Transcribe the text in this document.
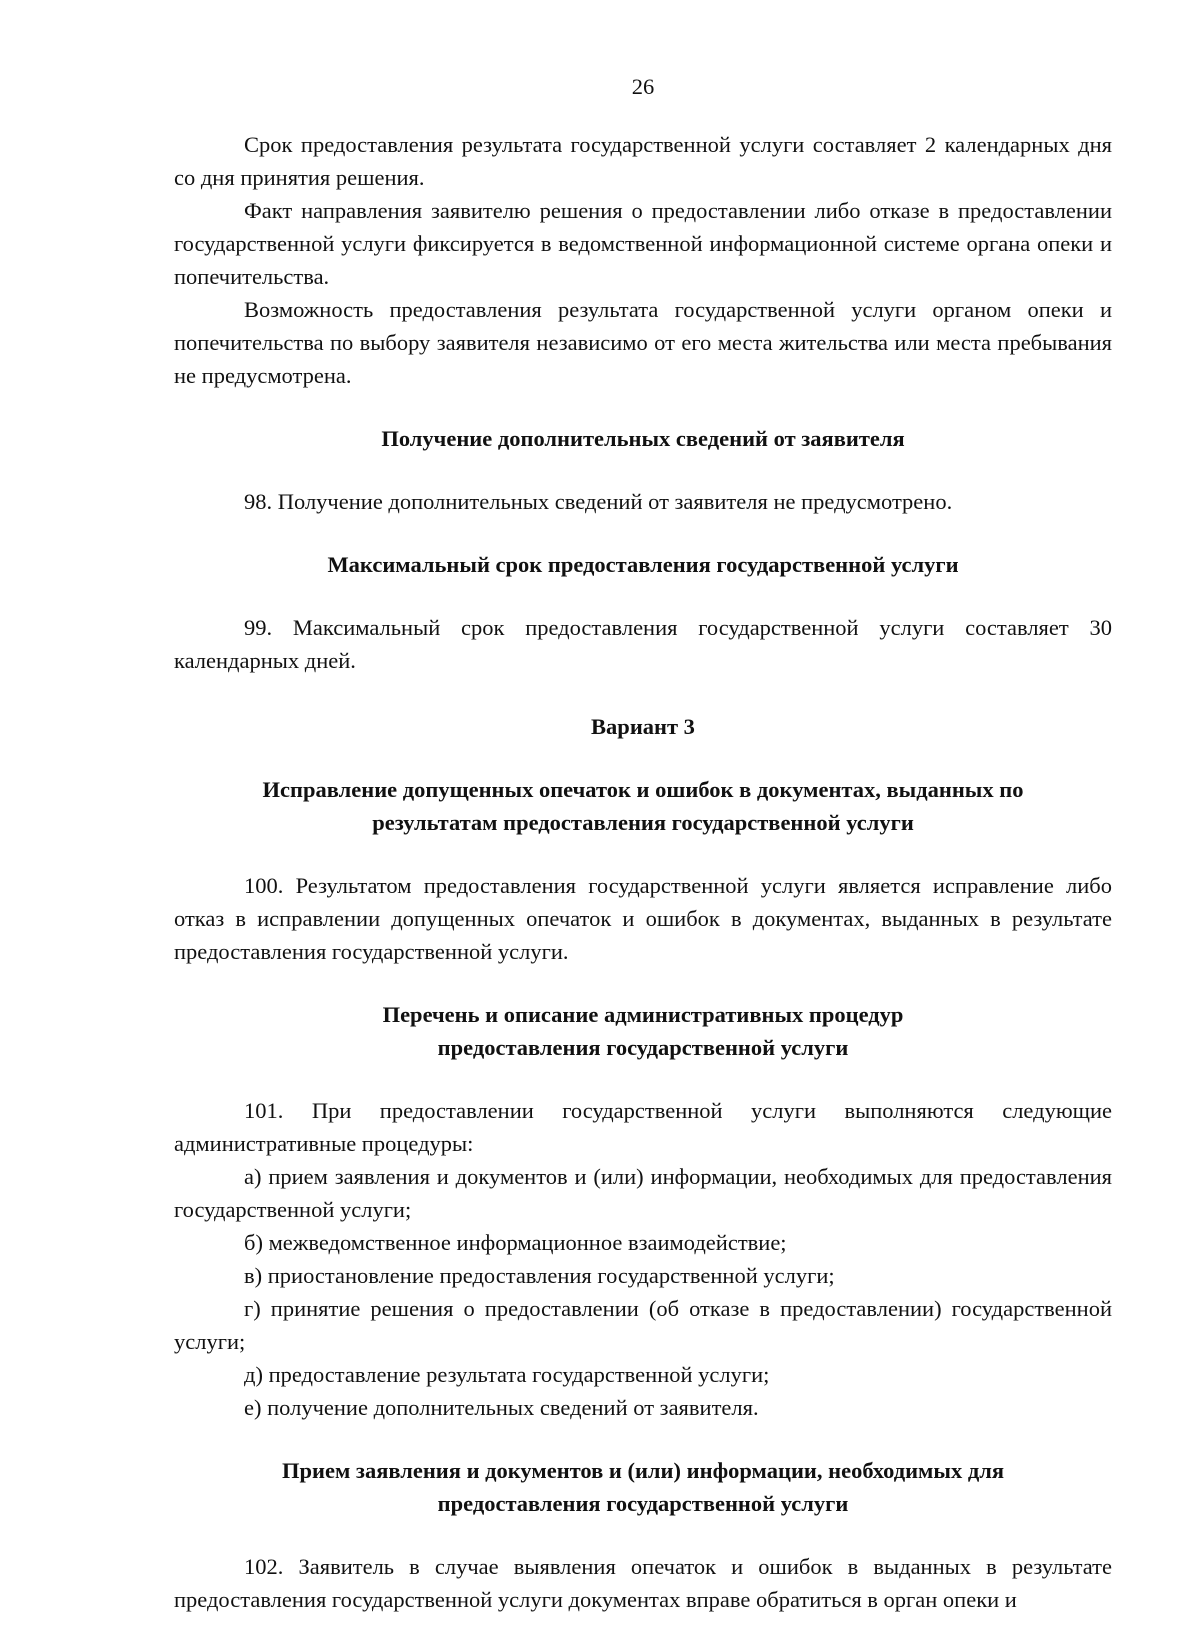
26

Срок предоставления результата государственной услуги составляет 2 календарных дня со дня принятия решения.

Факт направления заявителю решения о предоставлении либо отказе в предоставлении государственной услуги фиксируется в ведомственной информационной системе органа опеки и попечительства.

Возможность предоставления результата государственной услуги органом опеки и попечительства по выбору заявителя независимо от его места жительства или места пребывания не предусмотрена.

Получение дополнительных сведений от заявителя

98. Получение дополнительных сведений от заявителя не предусмотрено.

Максимальный срок предоставления государственной услуги

99. Максимальный срок предоставления государственной услуги составляет 30 календарных дней.

Вариант 3
Исправление допущенных опечаток и ошибок в документах, выданных по
результатам предоставления государственной услуги

100. Результатом предоставления государственной услуги является исправление либо отказ в исправлении допущенных опечаток и ошибок в документах, выданных в результате предоставления государственной услуги.

Перечень и описание административных процедур
предоставления государственной услуги

101. При предоставлении государственной услуги выполняются следующие административные процедуры:

а) прием заявления и документов и (или) информации, необходимых для предоставления государственной услуги;

б) межведомственное информационное взаимодействие;

в) приостановление предоставления государственной услуги;

г) принятие решения о предоставлении (об отказе в предоставлении) государственной услуги;

д) предоставление результата государственной услуги;

е) получение дополнительных сведений от заявителя.

Прием заявления и документов и (или) информации, необходимых для
предоставления государственной услуги

102. Заявитель в случае выявления опечаток и ошибок в выданных в результате предоставления государственной услуги документах вправе обратиться в орган опеки и
